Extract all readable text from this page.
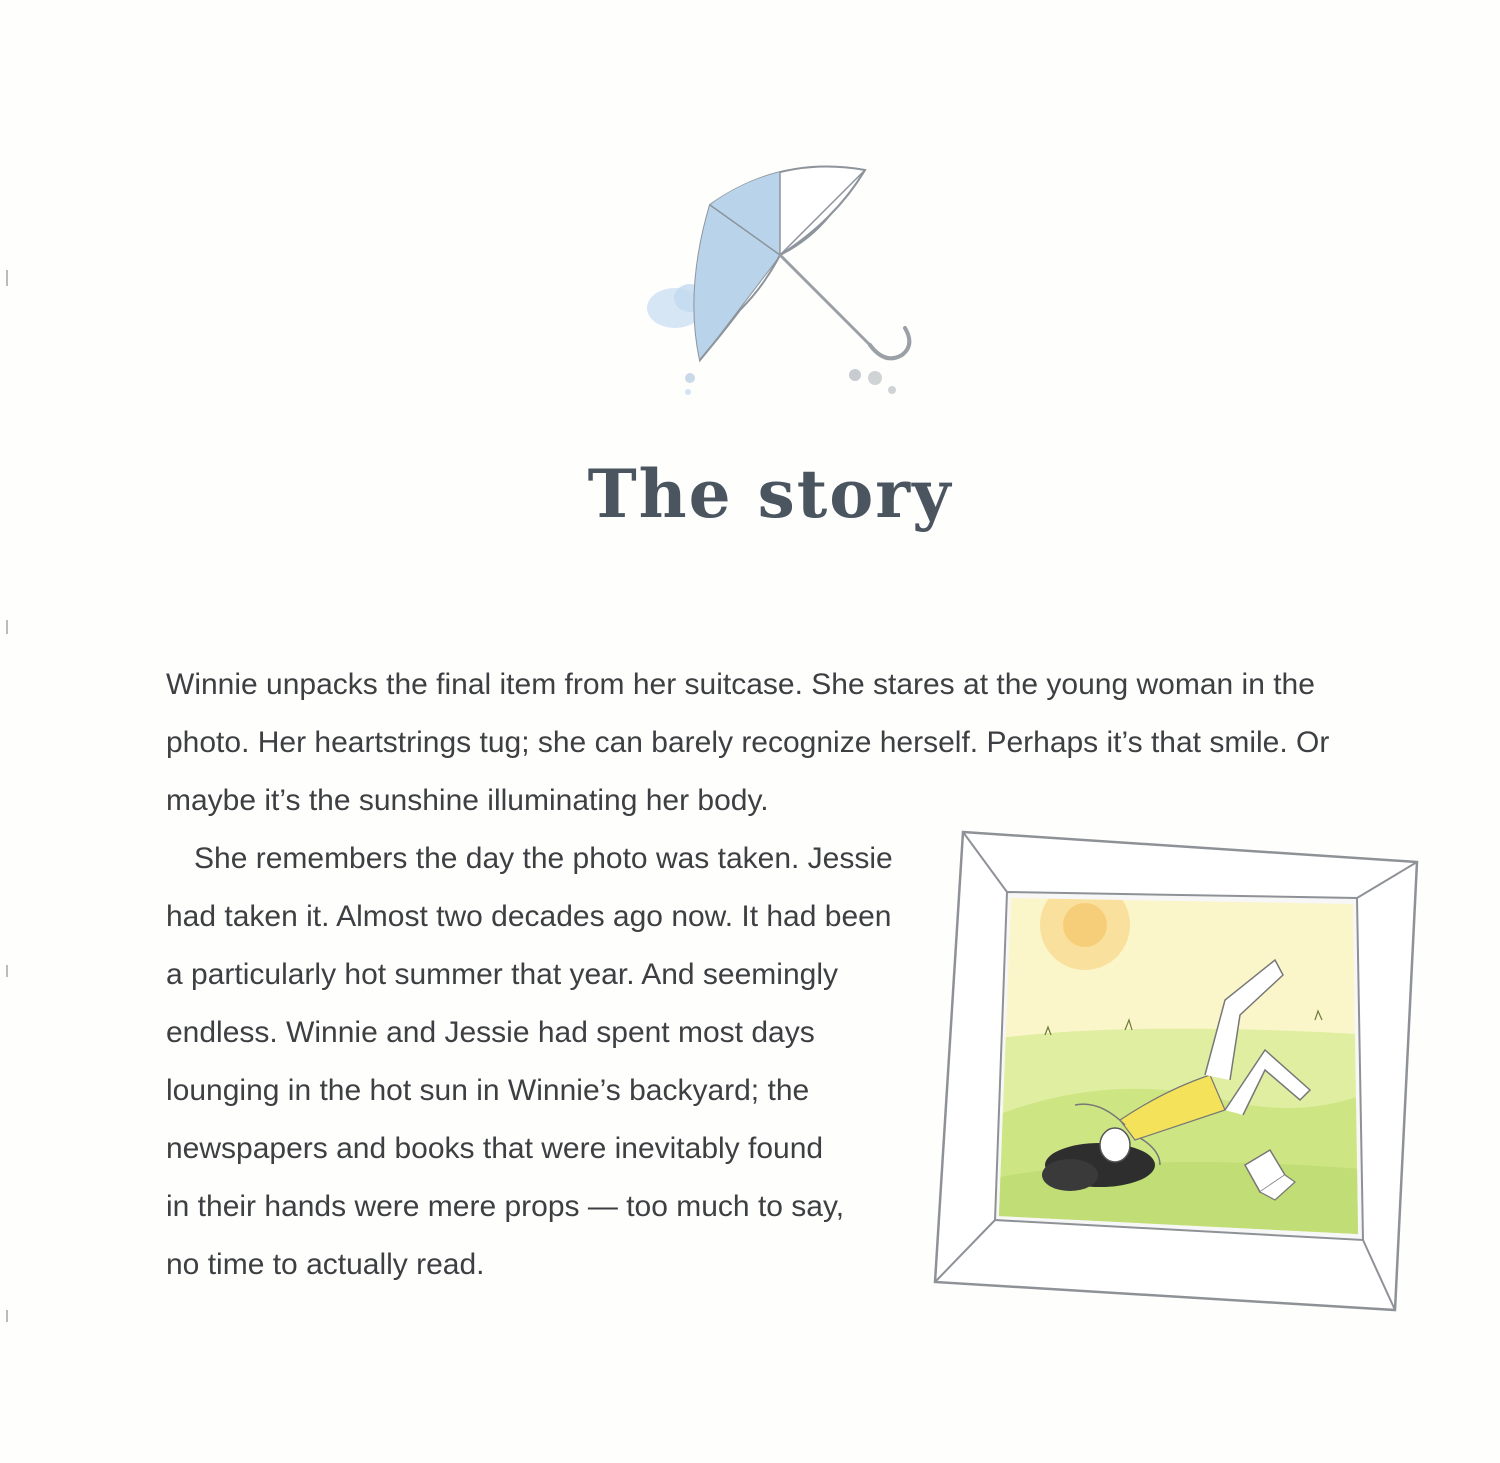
The story

Winnie unpacks the final item from her suitcase. She stares at the young woman in the photo. Her heartstrings tug; she can barely recognize herself. Perhaps it’s that smile. Or maybe it’s the sunshine illuminating her body.

She remembers the day the photo was taken. Jessie
had taken it. Almost two decades ago now. It had been
a particularly hot summer that year. And seemingly
endless. Winnie and Jessie had spent most days
lounging in the hot sun in Winnie’s backyard; the
newspapers and books that were inevitably found
in their hands were mere props — too much to say,
no time to actually read.
